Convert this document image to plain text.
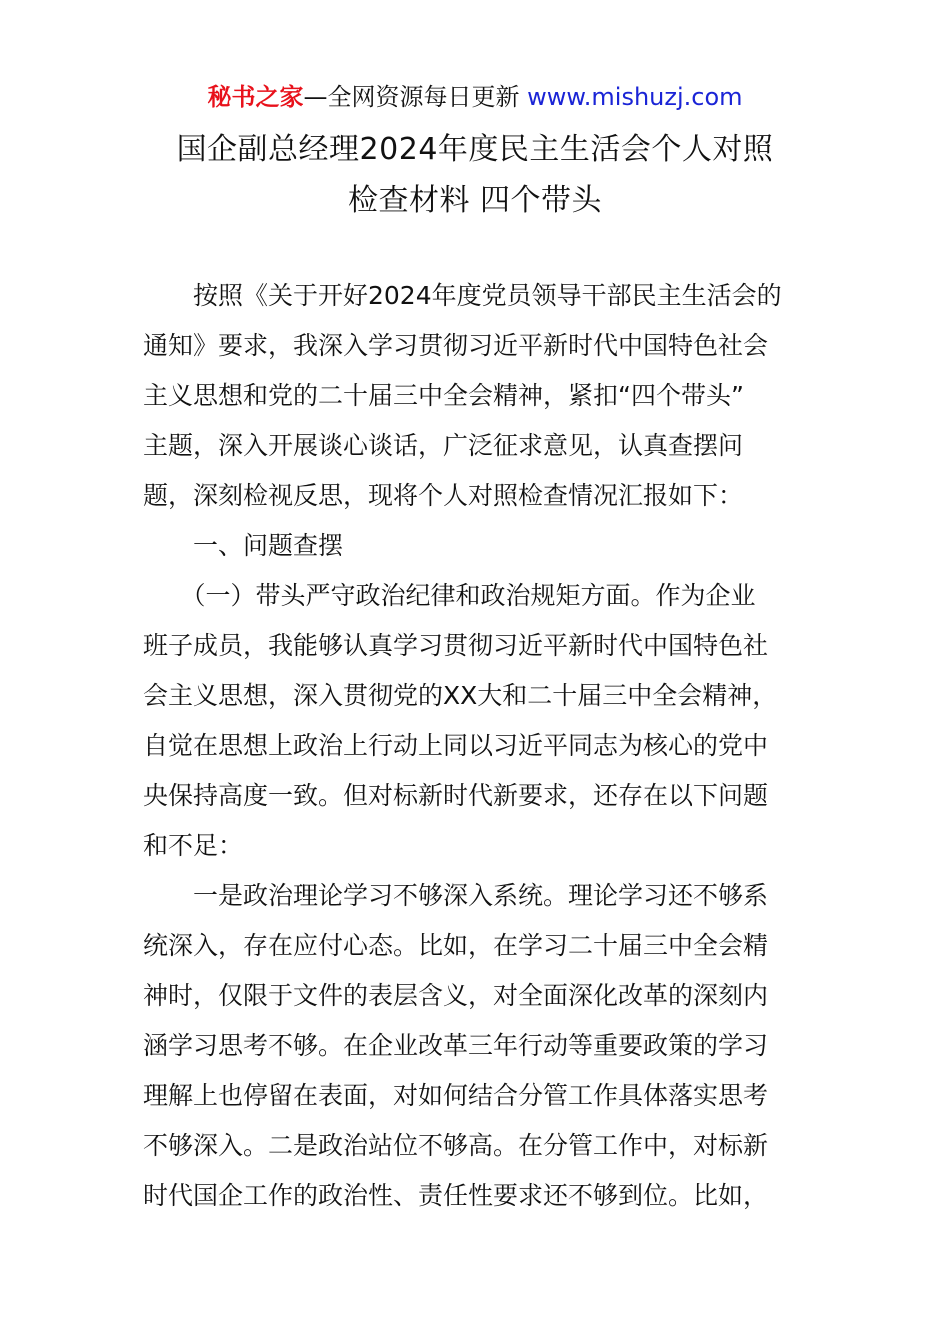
秘书之家—全网资源每日更新 www.mishuzj.com
国企副总经理2024年度民主生活会个人对照
检查材料 四个带头
　　按照《关于开好2024年度党员领导干部民主生活会的
通知》要求，我深入学习贯彻习近平新时代中国特色社会
主义思想和党的二十届三中全会精神，紧扣“四个带头”
主题，深入开展谈心谈话，广泛征求意见，认真查摆问
题，深刻检视反思，现将个人对照检查情况汇报如下：
　　一、问题查摆
　　（一）带头严守政治纪律和政治规矩方面。作为企业
班子成员，我能够认真学习贯彻习近平新时代中国特色社
会主义思想，深入贯彻党的XX大和二十届三中全会精神，
自觉在思想上政治上行动上同以习近平同志为核心的党中
央保持高度一致。但对标新时代新要求，还存在以下问题
和不足：
　　一是政治理论学习不够深入系统。理论学习还不够系
统深入，存在应付心态。比如，在学习二十届三中全会精
神时，仅限于文件的表层含义，对全面深化改革的深刻内
涵学习思考不够。在企业改革三年行动等重要政策的学习
理解上也停留在表面，对如何结合分管工作具体落实思考
不够深入。二是政治站位不够高。在分管工作中，对标新
时代国企工作的政治性、责任性要求还不够到位。比如，
